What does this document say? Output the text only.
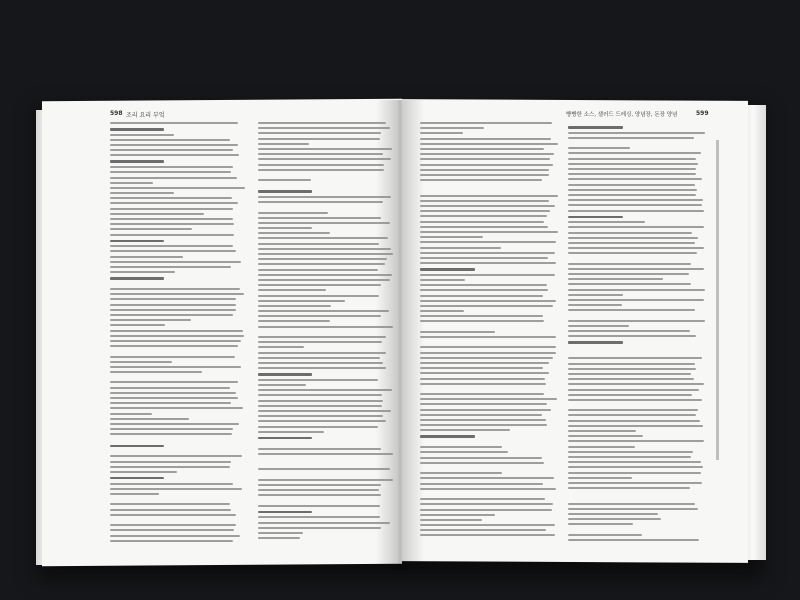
598 조리 요리 부엌	빵빵한 소스, 샐러드 드레싱, 양념장, 돈장 양념	599
